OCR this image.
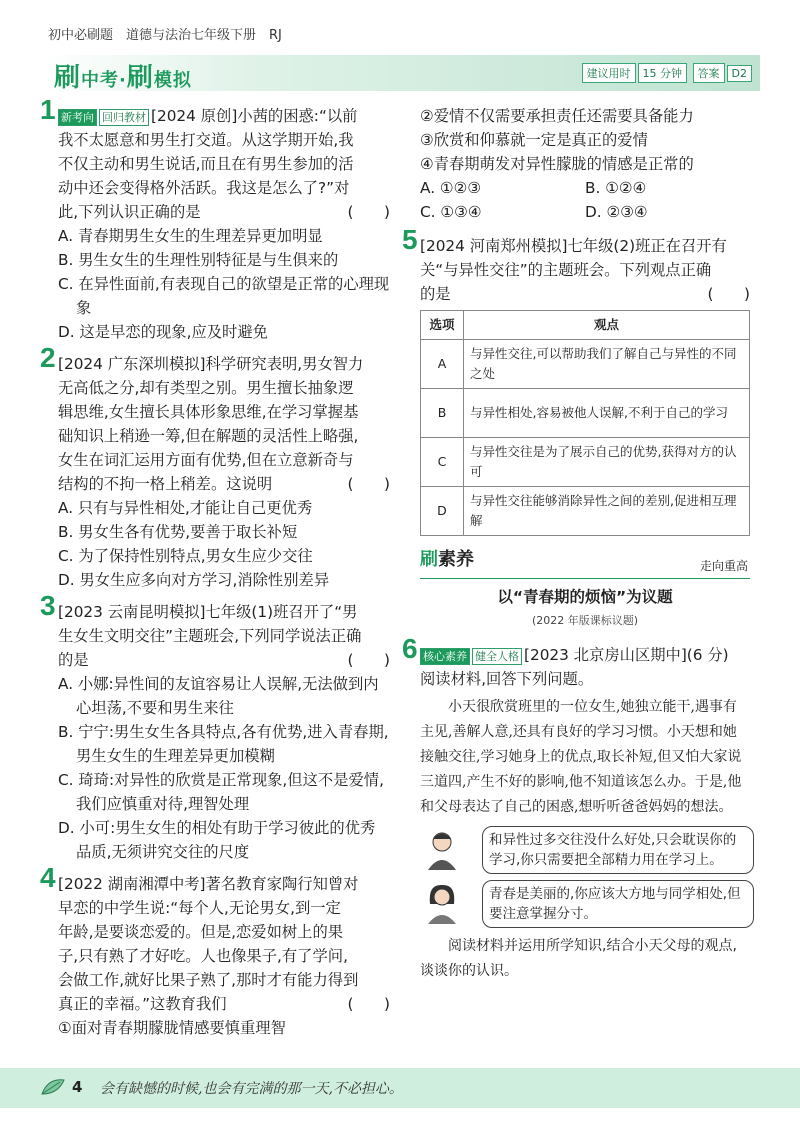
初中必刷题　道德与法治七年级下册　RJ
刷中考·刷模拟	建议用时 15 分钟 答案 D2
1 新考向 回归教材 [2024 原创]小茜的困惑:“以前
我不太愿意和男生打交道。从这学期开始,我
不仅主动和男生说话,而且在有男生参加的活
动中还会变得格外活跃。我这是怎么了?”对
此,下列认识正确的是	(　　)
A. 青春期男生女生的生理差异更加明显
B. 男生女生的生理性别特征是与生俱来的
C. 在异性面前,有表现自己的欲望是正常的心理现象
D. 这是早恋的现象,应及时避免
2 [2024 广东深圳模拟]科学研究表明,男女智力
无高低之分,却有类型之别。男生擅长抽象逻
辑思维,女生擅长具体形象思维,在学习掌握基
础知识上稍逊一筹,但在解题的灵活性上略强,
女生在词汇运用方面有优势,但在立意新奇与
结构的不拘一格上稍差。这说明	(　　)
A. 只有与异性相处,才能让自己更优秀
B. 男女生各有优势,要善于取长补短
C. 为了保持性别特点,男女生应少交往
D. 男女生应多向对方学习,消除性别差异
3 [2023 云南昆明模拟]七年级(1)班召开了“男
生女生文明交往”主题班会,下列同学说法正确
的是	(　　)
A. 小娜:异性间的友谊容易让人误解,无法做到内心坦荡,不要和男生来往
B. 宁宁:男生女生各具特点,各有优势,进入青春期,男生女生的生理差异更加模糊
C. 琦琦:对异性的欣赏是正常现象,但这不是爱情,我们应慎重对待,理智处理
D. 小可:男生女生的相处有助于学习彼此的优秀品质,无须讲究交往的尺度
4 [2022 湖南湘潭中考]著名教育家陶行知曾对
早恋的中学生说:“每个人,无论男女,到一定
年龄,是要谈恋爱的。但是,恋爱如树上的果
子,只有熟了才好吃。人也像果子,有了学问,
会做工作,就好比果子熟了,那时才有能力得到
真正的幸福。”这教育我们	(　　)
①面对青春期朦胧情感要慎重理智
②爱情不仅需要承担责任还需要具备能力
③欣赏和仰慕就一定是真正的爱情
④青春期萌发对异性朦胧的情感是正常的
A. ①②③	B. ①②④
C. ①③④	D. ②③④
5 [2024 河南郑州模拟]七年级(2)班正在召开有
关“与异性交往”的主题班会。下列观点正确
的是	(　　)
选项	观点
A	与异性交往,可以帮助我们了解自己与异性的不同之处
B	与异性相处,容易被他人误解,不利于自己的学习
C	与异性交往是为了展示自己的优势,获得对方的认可
D	与异性交往能够消除异性之间的差别,促进相互理解
刷素养	走向重高
以“青春期的烦恼”为议题
(2022 年版课标议题)
6 核心素养 健全人格 [2023 北京房山区期中](6 分)
阅读材料,回答下列问题。
小天很欣赏班里的一位女生,她独立能干,遇事有主见,善解人意,还具有良好的学习习惯。小天想和她接触交往,学习她身上的优点,取长补短,但又怕大家说三道四,产生不好的影响,他不知道该怎么办。于是,他和父母表达了自己的困惑,想听听爸爸妈妈的想法。
和异性过多交往没什么好处,只会耽误你的学习,你只需要把全部精力用在学习上。
青春是美丽的,你应该大方地与同学相处,但要注意掌握分寸。
阅读材料并运用所学知识,结合小天父母的观点,谈谈你的认识。
4 会有缺憾的时候,也会有完满的那一天,不必担心。
